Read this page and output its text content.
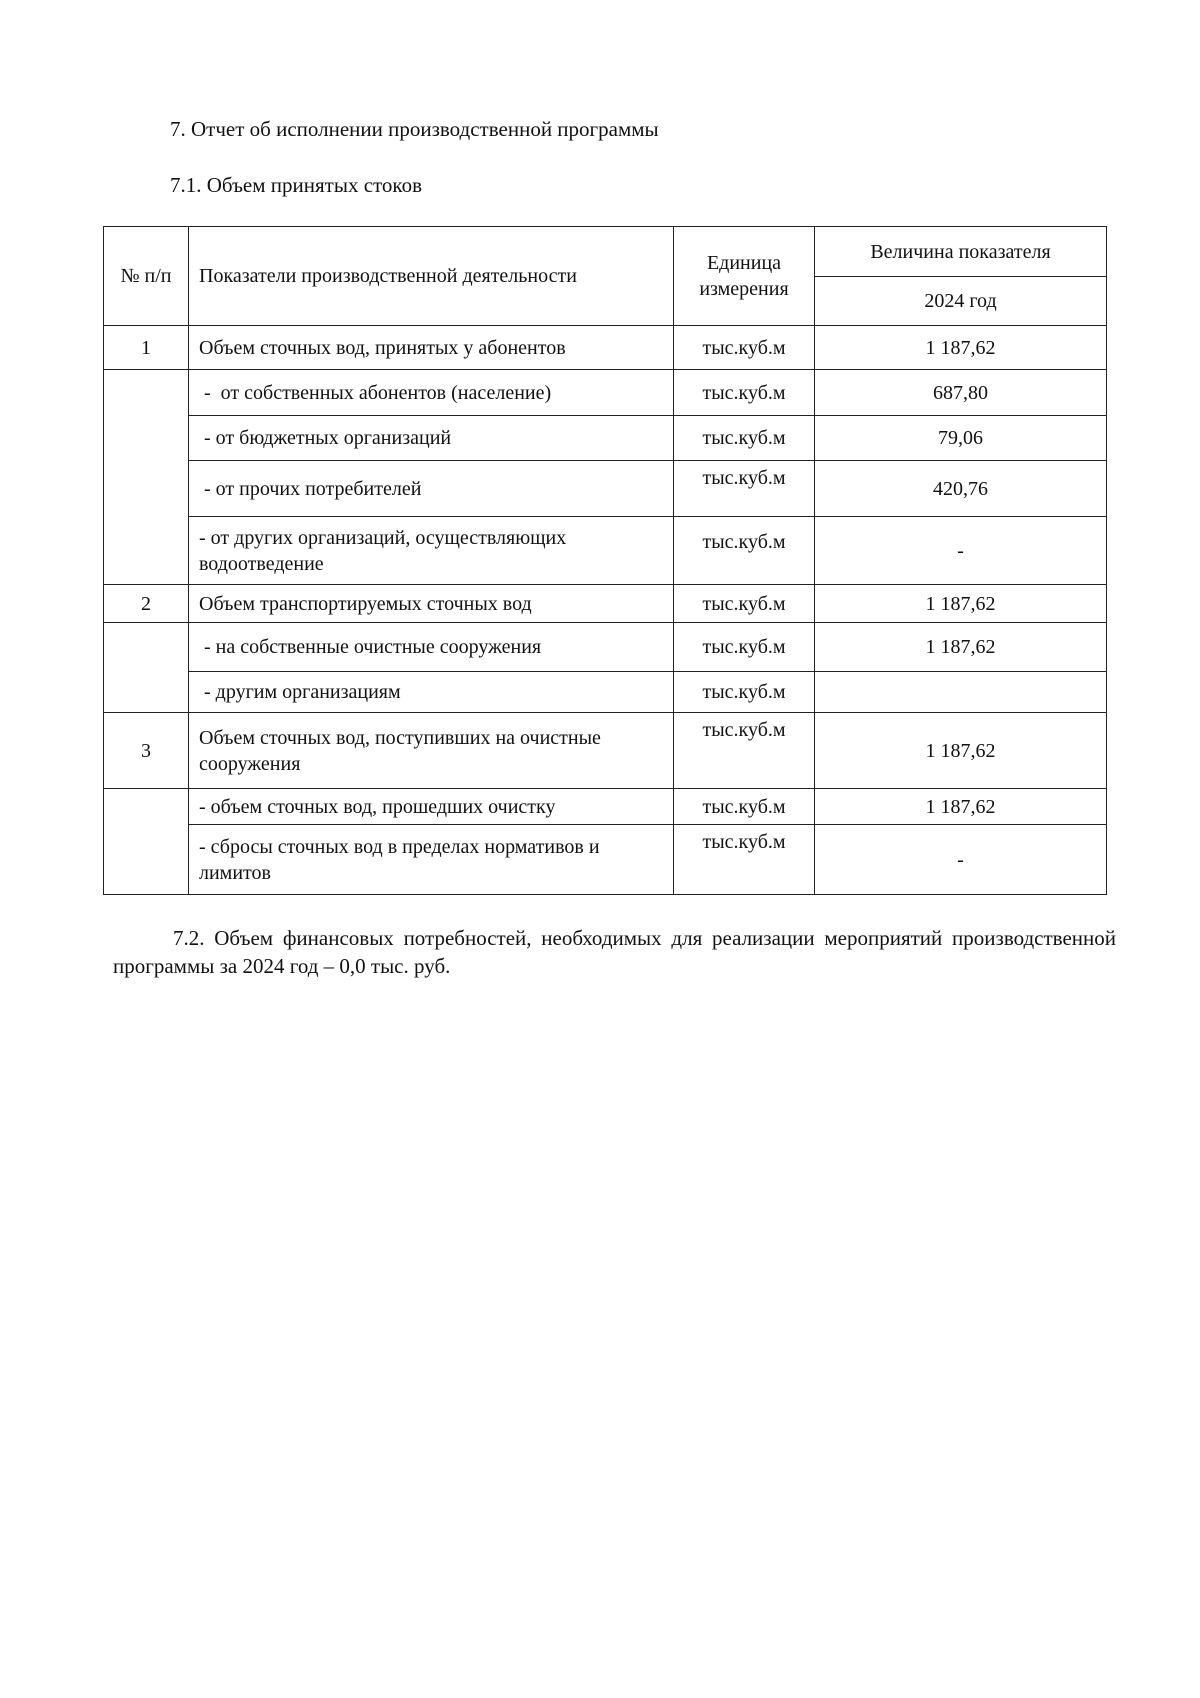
7. Отчет об исполнении производственной программы
7.1. Объем принятых стоков
№ п/п	Показатели производственной деятельности	Единица измерения	Величина показателя
			2024 год
1	Объем сточных вод, принятых у абонентов	тыс.куб.м	1 187,62
	-  от собственных абонентов (население)	тыс.куб.м	687,80
	- от бюджетных организаций	тыс.куб.м	79,06
	- от прочих потребителей	тыс.куб.м	420,76
	- от других организаций, осуществляющих водоотведение	тыс.куб.м	-
2	Объем транспортируемых сточных вод	тыс.куб.м	1 187,62
	- на собственные очистные сооружения	тыс.куб.м	1 187,62
	- другим организациям	тыс.куб.м	
3	Объем сточных вод, поступивших на очистные сооружения	тыс.куб.м	1 187,62
	- объем сточных вод, прошедших очистку	тыс.куб.м	1 187,62
	- сбросы сточных вод в пределах нормативов и лимитов	тыс.куб.м	-
7.2. Объем финансовых потребностей, необходимых для реализации мероприятий производственной программы за 2024 год – 0,0 тыс. руб.
